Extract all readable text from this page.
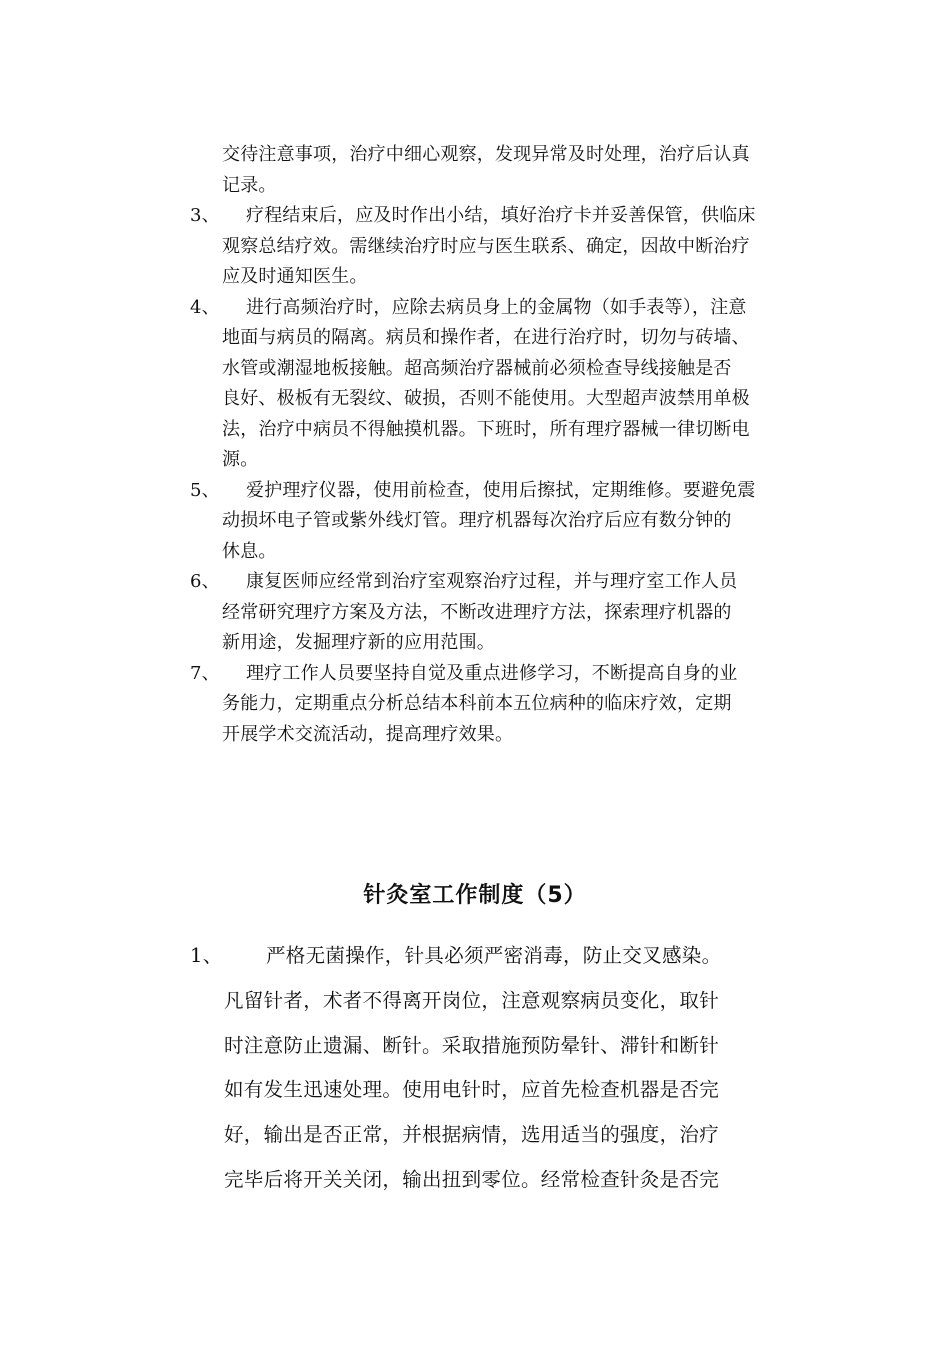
交待注意事项，治疗中细心观察，发现异常及时处理，治疗后认真
记录。
3、 疗程结束后，应及时作出小结，填好治疗卡并妥善保管，供临床
观察总结疗效。需继续治疗时应与医生联系、确定，因故中断治疗
应及时通知医生。
4、 进行高频治疗时，应除去病员身上的金属物（如手表等），注意
地面与病员的隔离。病员和操作者，在进行治疗时，切勿与砖墙、
水管或潮湿地板接触。超高频治疗器械前必须检查导线接触是否
良好、极板有无裂纹、破损，否则不能使用。大型超声波禁用单极
法，治疗中病员不得触摸机器。下班时，所有理疗器械一律切断电
源。
5、 爱护理疗仪器，使用前检查，使用后擦拭，定期维修。要避免震
动损坏电子管或紫外线灯管。理疗机器每次治疗后应有数分钟的
休息。
6、 康复医师应经常到治疗室观察治疗过程，并与理疗室工作人员
经常研究理疗方案及方法，不断改进理疗方法，探索理疗机器的
新用途，发掘理疗新的应用范围。
7、 理疗工作人员要坚持自觉及重点进修学习，不断提高自身的业
务能力，定期重点分析总结本科前本五位病种的临床疗效，定期
开展学术交流活动，提高理疗效果。
针灸室工作制度（5）
1、 严格无菌操作，针具必须严密消毒，防止交叉感染。
凡留针者，术者不得离开岗位，注意观察病员变化，取针
时注意防止遗漏、断针。采取措施预防晕针、滞针和断针
如有发生迅速处理。使用电针时，应首先检查机器是否完
好，输出是否正常，并根据病情，选用适当的强度，治疗
完毕后将开关关闭，输出扭到零位。经常检查针灸是否完
